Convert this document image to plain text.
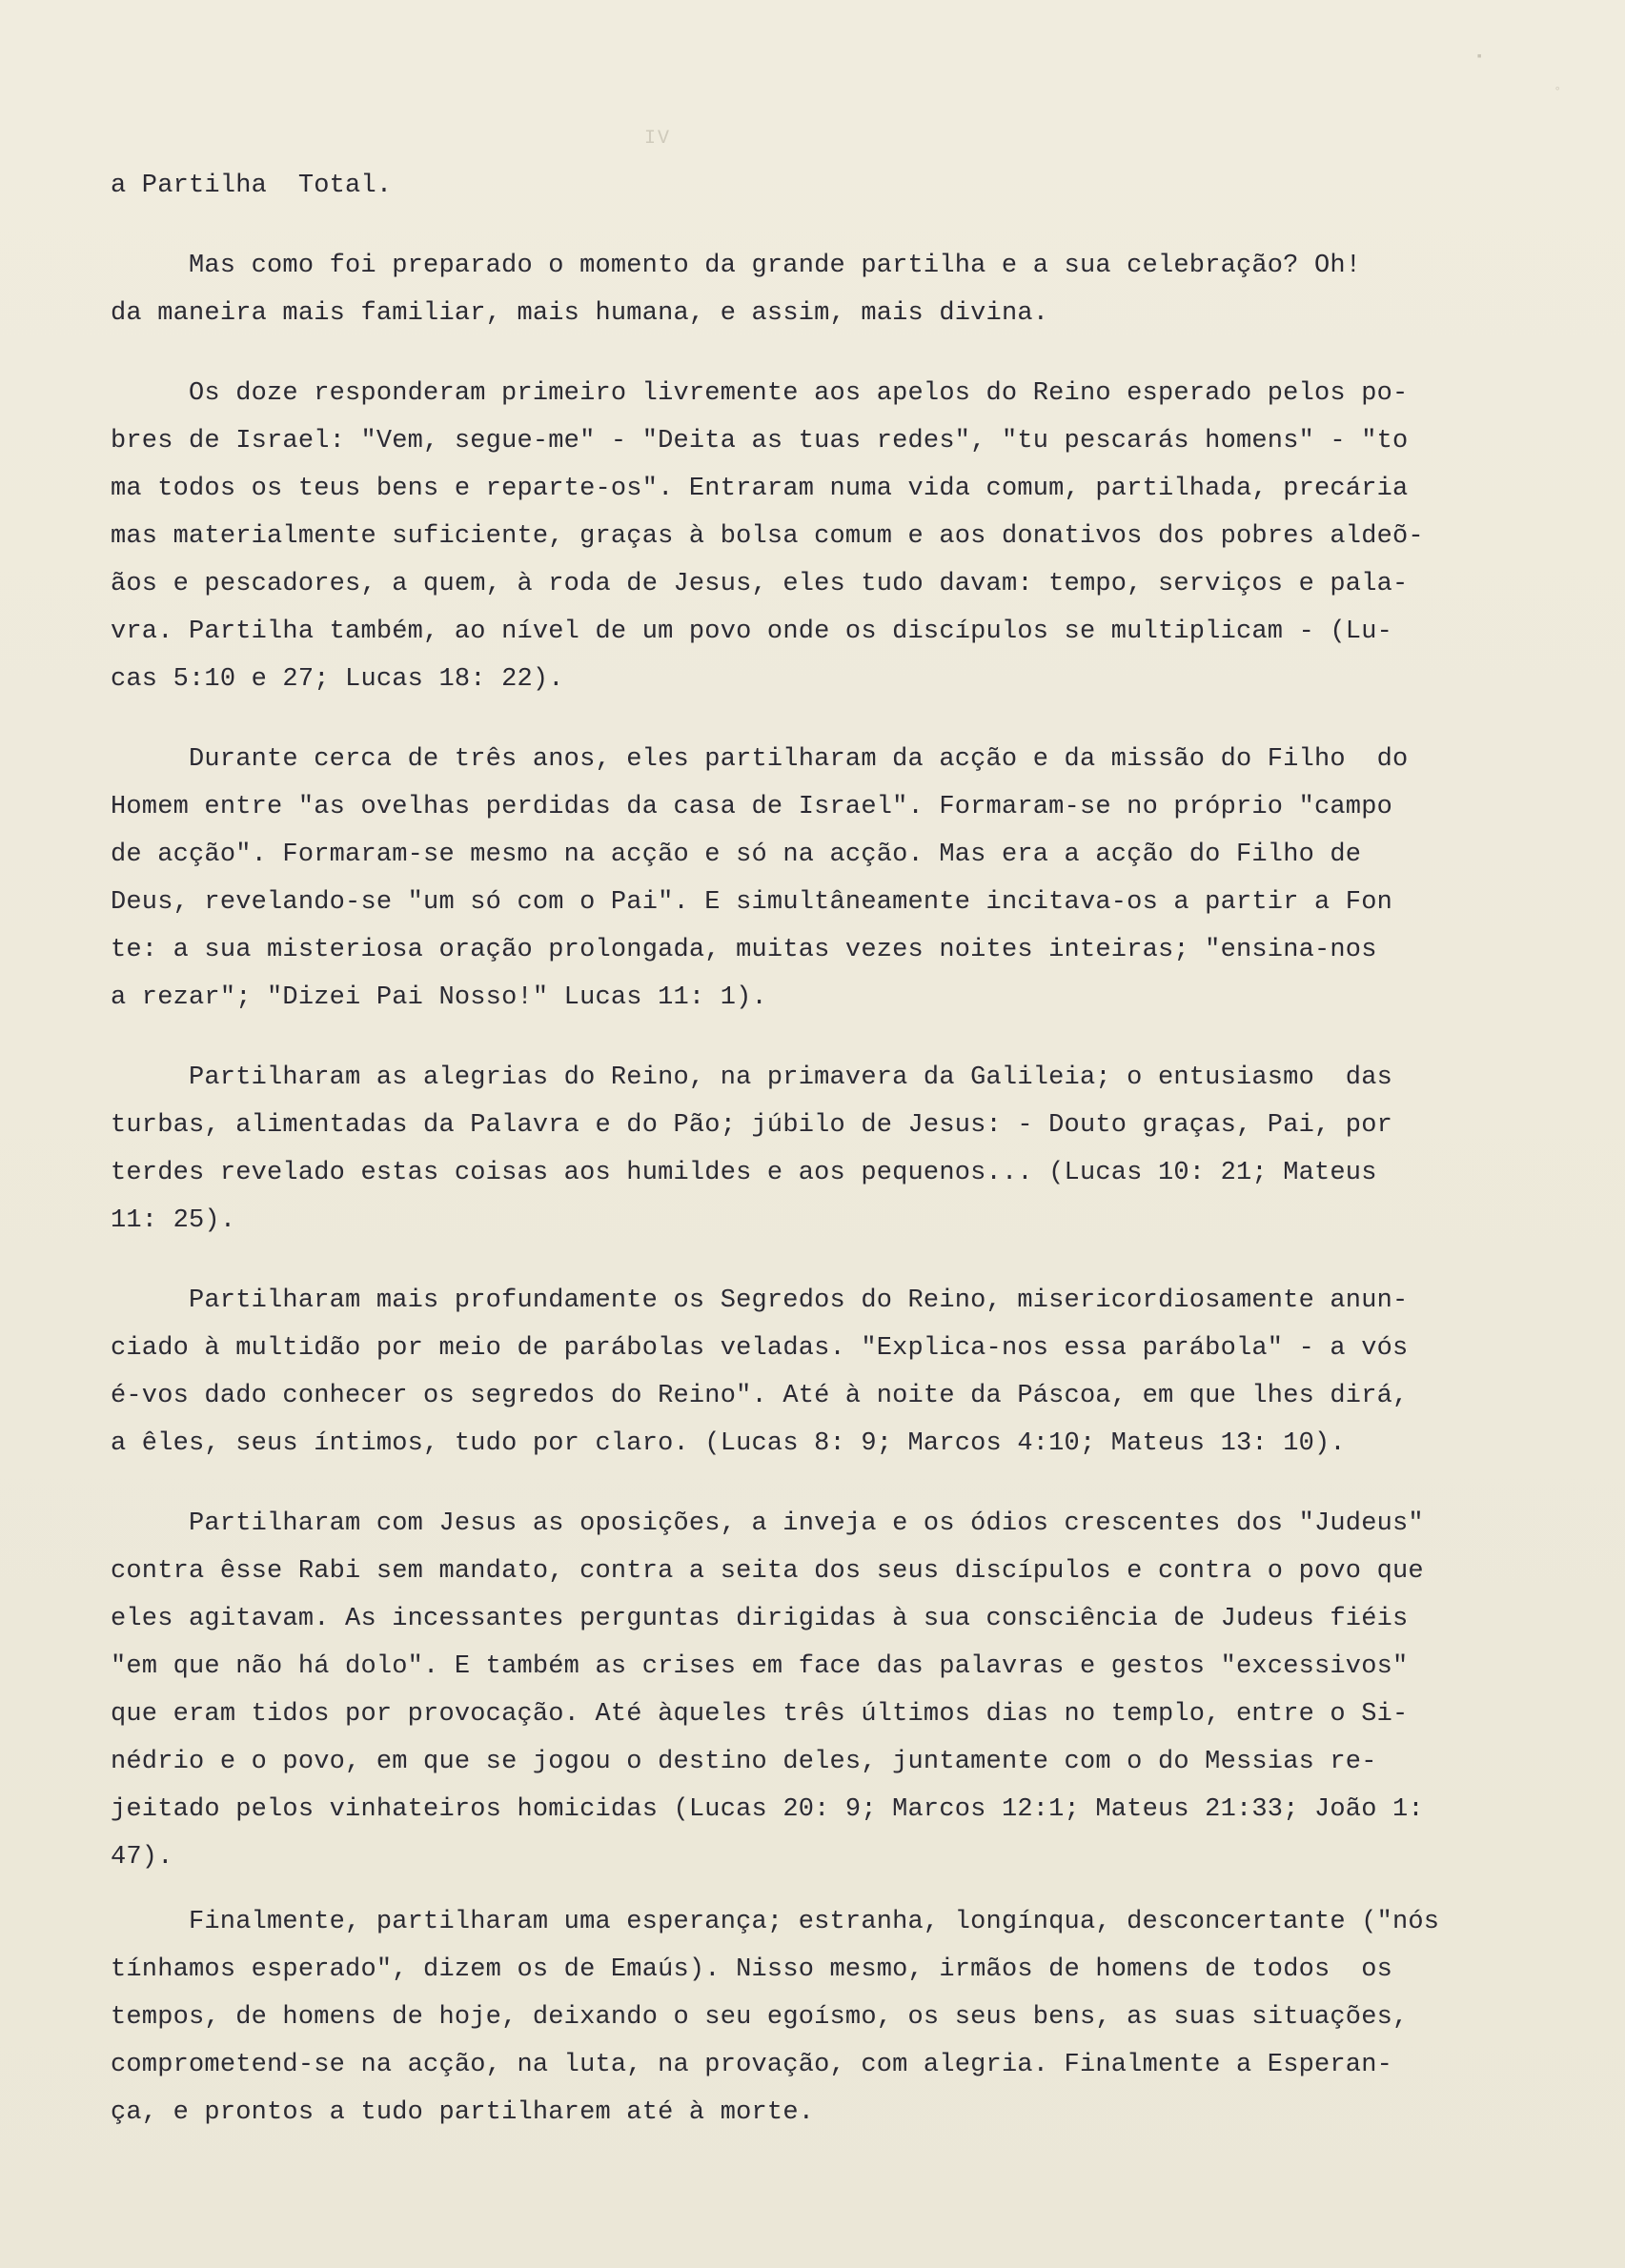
▪
◦
IV
a Partilha  Total.
Mas como foi preparado o momento da grande partilha e a sua celebração? Oh!
da maneira mais familiar, mais humana, e assim, mais divina.
Os doze responderam primeiro livremente aos apelos do Reino esperado pelos po-
bres de Israel: "Vem, segue-me" - "Deita as tuas redes", "tu pescarás homens" - "to
ma todos os teus bens e reparte-os". Entraram numa vida comum, partilhada, precária
mas materialmente suficiente, graças à bolsa comum e aos donativos dos pobres aldeõ-
ãos e pescadores, a quem, à roda de Jesus, eles tudo davam: tempo, serviços e pala-
vra. Partilha também, ao nível de um povo onde os discípulos se multiplicam - (Lu-
cas 5:10 e 27; Lucas 18: 22).
Durante cerca de três anos, eles partilharam da acção e da missão do Filho  do
Homem entre "as ovelhas perdidas da casa de Israel". Formaram-se no próprio "campo
de acção". Formaram-se mesmo na acção e só na acção. Mas era a acção do Filho de
Deus, revelando-se "um só com o Pai". E simultâneamente incitava-os a partir a Fon
te: a sua misteriosa oração prolongada, muitas vezes noites inteiras; "ensina-nos
a rezar"; "Dizei Pai Nosso!" Lucas 11: 1).
Partilharam as alegrias do Reino, na primavera da Galileia; o entusiasmo  das
turbas, alimentadas da Palavra e do Pão; júbilo de Jesus: - Douto graças, Pai, por
terdes revelado estas coisas aos humildes e aos pequenos... (Lucas 10: 21; Mateus
11: 25).
Partilharam mais profundamente os Segredos do Reino, misericordiosamente anun-
ciado à multidão por meio de parábolas veladas. "Explica-nos essa parábola" - a vós
é-vos dado conhecer os segredos do Reino". Até à noite da Páscoa, em que lhes dirá,
a êles, seus íntimos, tudo por claro. (Lucas 8: 9; Marcos 4:10; Mateus 13: 10).
Partilharam com Jesus as oposições, a inveja e os ódios crescentes dos "Judeus"
contra êsse Rabi sem mandato, contra a seita dos seus discípulos e contra o povo que
eles agitavam. As incessantes perguntas dirigidas à sua consciência de Judeus fiéis
"em que não há dolo". E também as crises em face das palavras e gestos "excessivos"
que eram tidos por provocação. Até àqueles três últimos dias no templo, entre o Si-
nédrio e o povo, em que se jogou o destino deles, juntamente com o do Messias re-
jeitado pelos vinhateiros homicidas (Lucas 20: 9; Marcos 12:1; Mateus 21:33; João 1:
47).
Finalmente, partilharam uma esperança; estranha, longínqua, desconcertante ("nós
tínhamos esperado", dizem os de Emaús). Nisso mesmo, irmãos de homens de todos  os
tempos, de homens de hoje, deixando o seu egoísmo, os seus bens, as suas situações,
comprometend-se na acção, na luta, na provação, com alegria. Finalmente a Esperan-
ça, e prontos a tudo partilharem até à morte.
